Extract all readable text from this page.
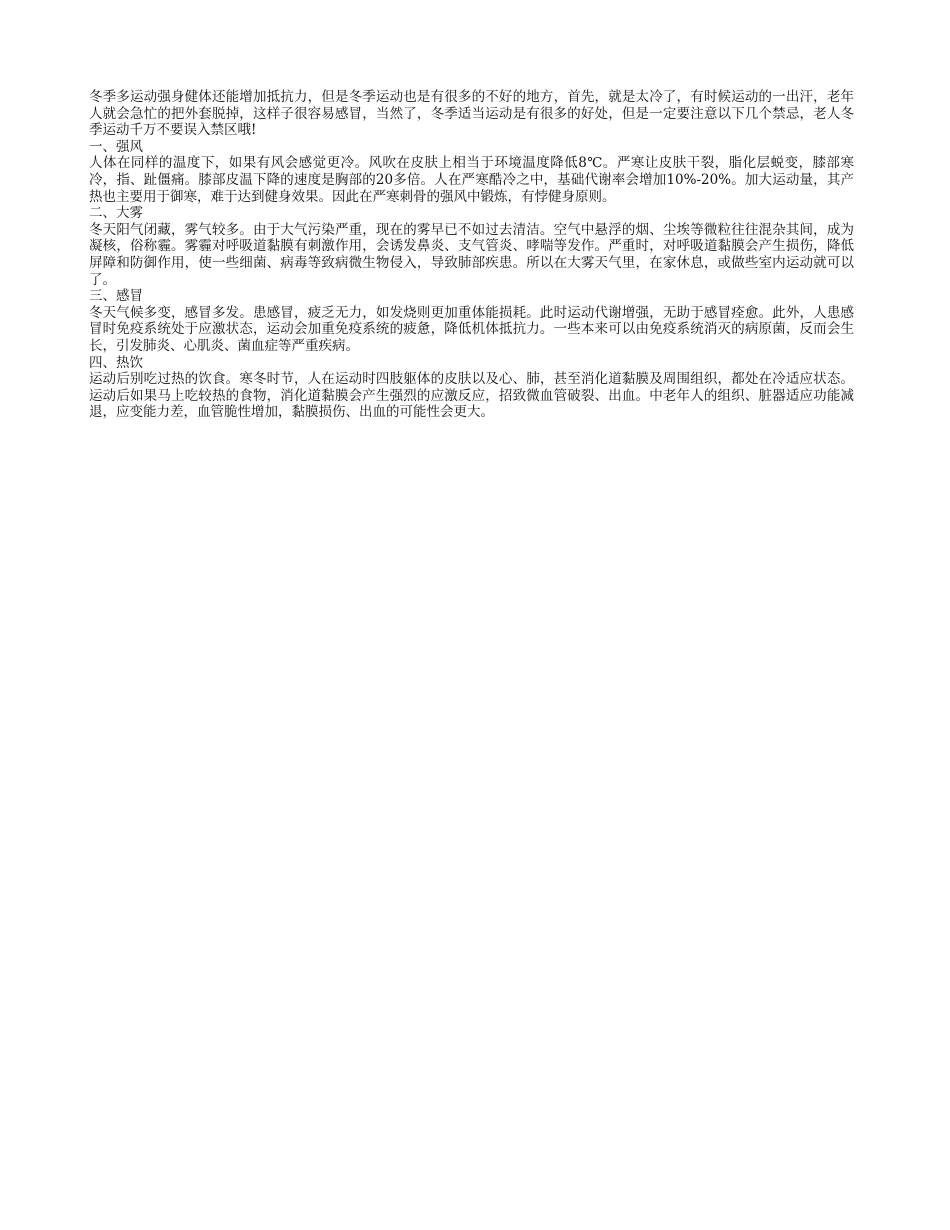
冬季多运动强身健体还能增加抵抗力，但是冬季运动也是有很多的不好的地方，首先，就是太冷了，有时候运动的一出汗，老年人就会急忙的把外套脱掉，这样子很容易感冒，当然了，冬季适当运动是有很多的好处，但是一定要注意以下几个禁忌，老人冬季运动千万不要误入禁区哦!

一、强风

人体在同样的温度下，如果有风会感觉更冷。风吹在皮肤上相当于环境温度降低8℃。严寒让皮肤干裂，脂化层蜕变，膝部寒冷，指、趾僵痛。膝部皮温下降的速度是胸部的20多倍。人在严寒酷冷之中，基础代谢率会增加10%-20%。加大运动量，其产热也主要用于御寒，难于达到健身效果。因此在严寒刺骨的强风中锻炼，有悖健身原则。

二、大雾

冬天阳气闭藏，雾气较多。由于大气污染严重，现在的雾早已不如过去清洁。空气中悬浮的烟、尘埃等微粒往往混杂其间，成为凝核，俗称霾。雾霾对呼吸道黏膜有刺激作用，会诱发鼻炎、支气管炎、哮喘等发作。严重时，对呼吸道黏膜会产生损伤，降低屏障和防御作用，使一些细菌、病毒等致病微生物侵入，导致肺部疾患。所以在大雾天气里，在家休息，或做些室内运动就可以了。

三、感冒

冬天气候多变，感冒多发。患感冒，疲乏无力，如发烧则更加重体能损耗。此时运动代谢增强，无助于感冒痊愈。此外，人患感冒时免疫系统处于应激状态，运动会加重免疫系统的疲惫，降低机体抵抗力。一些本来可以由免疫系统消灭的病原菌，反而会生长，引发肺炎、心肌炎、菌血症等严重疾病。

四、热饮

运动后别吃过热的饮食。寒冬时节，人在运动时四肢躯体的皮肤以及心、肺，甚至消化道黏膜及周围组织，都处在冷适应状态。运动后如果马上吃较热的食物，消化道黏膜会产生强烈的应激反应，招致微血管破裂、出血。中老年人的组织、脏器适应功能减退，应变能力差，血管脆性增加，黏膜损伤、出血的可能性会更大。
